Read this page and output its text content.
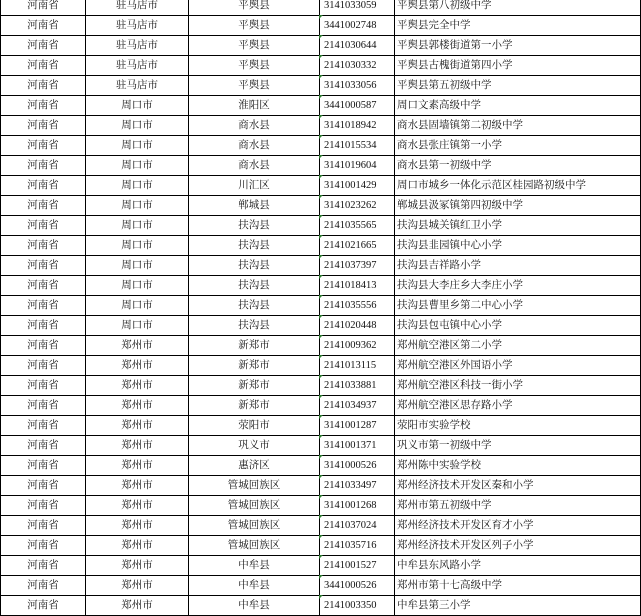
河南省	驻马店市	平舆县	3141033059	平舆县第八初级中学
河南省	驻马店市	平舆县	3441002748	平舆县完全中学
河南省	驻马店市	平舆县	2141030644	平舆县郭楼街道第一小学
河南省	驻马店市	平舆县	2141030332	平舆县古槐街道第四小学
河南省	驻马店市	平舆县	3141033056	平舆县第五初级中学
河南省	周口市	淮阳区	3441000587	周口文素高级中学
河南省	周口市	商水县	3141018942	商水县固墙镇第二初级中学
河南省	周口市	商水县	2141015534	商水县张庄镇第一小学
河南省	周口市	商水县	3141019604	商水县第一初级中学
河南省	周口市	川汇区	3141001429	周口市城乡一体化示范区桂园路初级中学
河南省	周口市	郸城县	3141023262	郸城县汲冢镇第四初级中学
河南省	周口市	扶沟县	2141035565	扶沟县城关镇红卫小学
河南省	周口市	扶沟县	2141021665	扶沟县韭园镇中心小学
河南省	周口市	扶沟县	2141037397	扶沟县吉祥路小学
河南省	周口市	扶沟县	2141018413	扶沟县大李庄乡大李庄小学
河南省	周口市	扶沟县	2141035556	扶沟县曹里乡第二中心小学
河南省	周口市	扶沟县	2141020448	扶沟县包屯镇中心小学
河南省	郑州市	新郑市	2141009362	郑州航空港区第二小学
河南省	郑州市	新郑市	2141013115	郑州航空港区外国语小学
河南省	郑州市	新郑市	2141033881	郑州航空港区科技一街小学
河南省	郑州市	新郑市	2141034937	郑州航空港区思存路小学
河南省	郑州市	荥阳市	3141001287	荥阳市实验学校
河南省	郑州市	巩义市	3141001371	巩义市第一初级中学
河南省	郑州市	惠济区	3141000526	郑州陈中实验学校
河南省	郑州市	管城回族区	2141033497	郑州经济技术开发区秦和小学
河南省	郑州市	管城回族区	3141001268	郑州市第五初级中学
河南省	郑州市	管城回族区	2141037024	郑州经济技术开发区育才小学
河南省	郑州市	管城回族区	2141035716	郑州经济技术开发区列子小学
河南省	郑州市	中牟县	2141001527	中牟县东风路小学
河南省	郑州市	中牟县	3441000526	郑州市第十七高级中学
河南省	郑州市	中牟县	2141003350	中牟县第三小学
